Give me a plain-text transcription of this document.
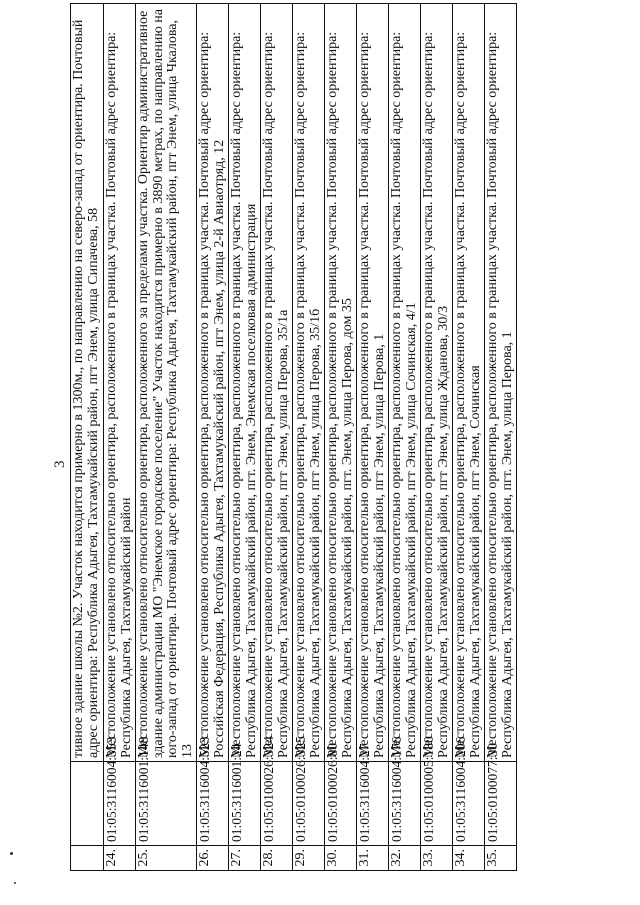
3
		тивное здание школы №2. Участок находится примерно в 1300м., по направлению на северо-запад от ориентира. Почтовый адрес ориентира: Республика Адыгея, Тахтамукайский район, пгт Энем, улица Сипачева, 58
24.	01:05:3116004:353	Местоположение установлено относительно ориентира, расположенного в границах участка. Почтовый адрес ориентира: Республика Адыгея, Тахтамукайский район
25.	01:05:3116001:148	Местоположение установлено относительно ориентира, расположенного за пределами участка. Ориентир административное здание администрации МО "Энемское городское поселение" Участок находится примерно в 3890 метрах, по направлению на юго-запад от ориентира. Почтовый адрес ориентира: Республика Адыгея, Тахтамукайский район, пгт Энем, улица Чкалова, 13
26.	01:05:3116004:523	Местоположение установлено относительно ориентира, расположенного в границах участка. Почтовый адрес ориентира: Российская Федерация, Республика Адыгея, Тахтамукайский район, пгт Энем, улица 2-й Авиаотряд, 12
27.	01:05:3116001:24	Местоположение установлено относительно ориентира, расположенного в границах участка. Почтовый адрес ориентира: Республика Адыгея, Тахтамукайский район, пгт. Энем, Энемская поселковая администрация
28.	01:05:0100026:324	Местоположение установлено относительно ориентира, расположенного в границах участка. Почтовый адрес ориентира: Республика Адыгея, Тахтамукайский район, пгт Энем, улица Перова, 35/1а
29.	01:05:0100026:325	Местоположение установлено относительно ориентира, расположенного в границах участка. Почтовый адрес ориентира: Республика Адыгея, Тахтамукайский район, пгт Энем, улица Перова, 35/1б
30.	01:05:0100026:80	Местоположение установлено относительно ориентира, расположенного в границах участка. Почтовый адрес ориентира: Республика Адыгея, Тахтамукайский район, пгт. Энем, улица Перова, дом 35
31.	01:05:3116004:27	Местоположение установлено относительно ориентира, расположенного в границах участка. Почтовый адрес ориентира: Республика Адыгея, Тахтамукайский район, пгт Энем, улица Перова, 1
32.	01:05:3116004:176	Местоположение установлено относительно ориентира, расположенного в границах участка. Почтовый адрес ориентира: Республика Адыгея, Тахтамукайский район, пгт Энем, улица Сочинская, 4/1
33.	01:05:0100005:180	Местоположение установлено относительно ориентира, расположенного в границах участка. Почтовый адрес ориентира: Республика Адыгея, Тахтамукайский район, пгт Энем, улица Жданова, 30/3
34.	01:05:3116004:206	Местоположение установлено относительно ориентира, расположенного в границах участка. Почтовый адрес ориентира: Республика Адыгея, Тахтамукайский район, пгт Энем, Сочинская
35.	01:05:0100077:30	Местоположение установлено относительно ориентира, расположенного в границах участка. Почтовый адрес ориентира: Республика Адыгея, Тахтамукайский район, пгт. Энем, улица Перова, 1
